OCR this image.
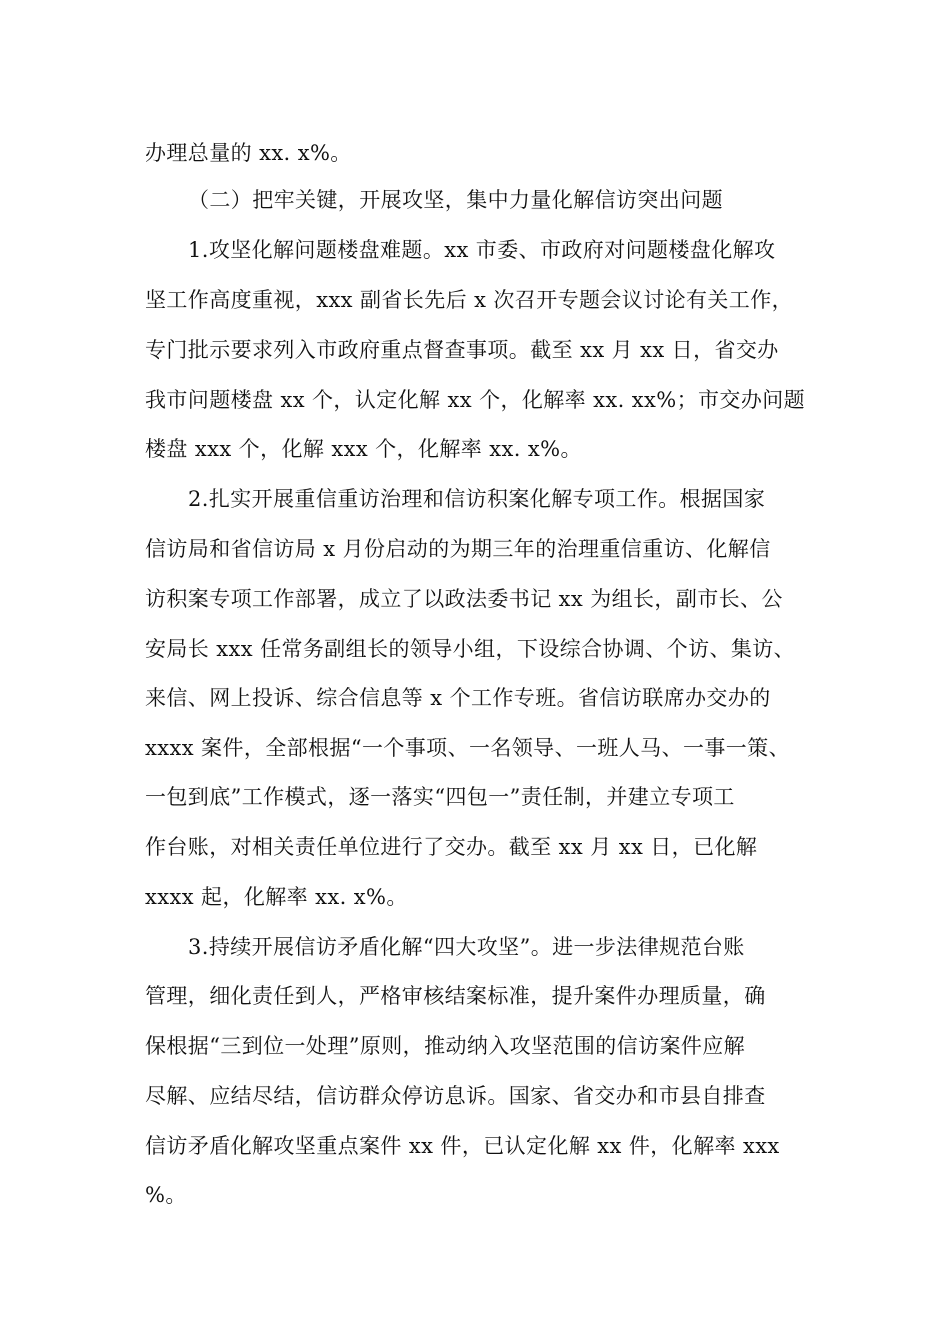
办理总量的 xx. x%。
（二）把牢关键，开展攻坚，集中力量化解信访突出问题
1.攻坚化解问题楼盘难题。xx 市委、市政府对问题楼盘化解攻
坚工作高度重视，xxx 副省长先后 x 次召开专题会议讨论有关工作，
专门批示要求列入市政府重点督查事项。截至 xx 月 xx 日，省交办
我市问题楼盘 xx 个，认定化解 xx 个，化解率 xx. xx%；市交办问题
楼盘 xxx 个，化解 xxx 个，化解率 xx. x%。
2.扎实开展重信重访治理和信访积案化解专项工作。根据国家
信访局和省信访局 x 月份启动的为期三年的治理重信重访、化解信
访积案专项工作部署，成立了以政法委书记 xx 为组长，副市长、公
安局长 xxx 任常务副组长的领导小组，下设综合协调、个访、集访、
来信、网上投诉、综合信息等 x 个工作专班。省信访联席办交办的
xxxx 案件，全部根据“一个事项、一名领导、一班人马、一事一策、
一包到底”工作模式，逐一落实“四包一”责任制，并建立专项工
作台账，对相关责任单位进行了交办。截至 xx 月 xx 日，已化解
xxxx 起，化解率 xx. x%。
3.持续开展信访矛盾化解“四大攻坚”。进一步法律规范台账
管理，细化责任到人，严格审核结案标准，提升案件办理质量，确
保根据“三到位一处理”原则，推动纳入攻坚范围的信访案件应解
尽解、应结尽结，信访群众停访息诉。国家、省交办和市县自排查
信访矛盾化解攻坚重点案件 xx 件，已认定化解 xx 件，化解率 xxx
%。
